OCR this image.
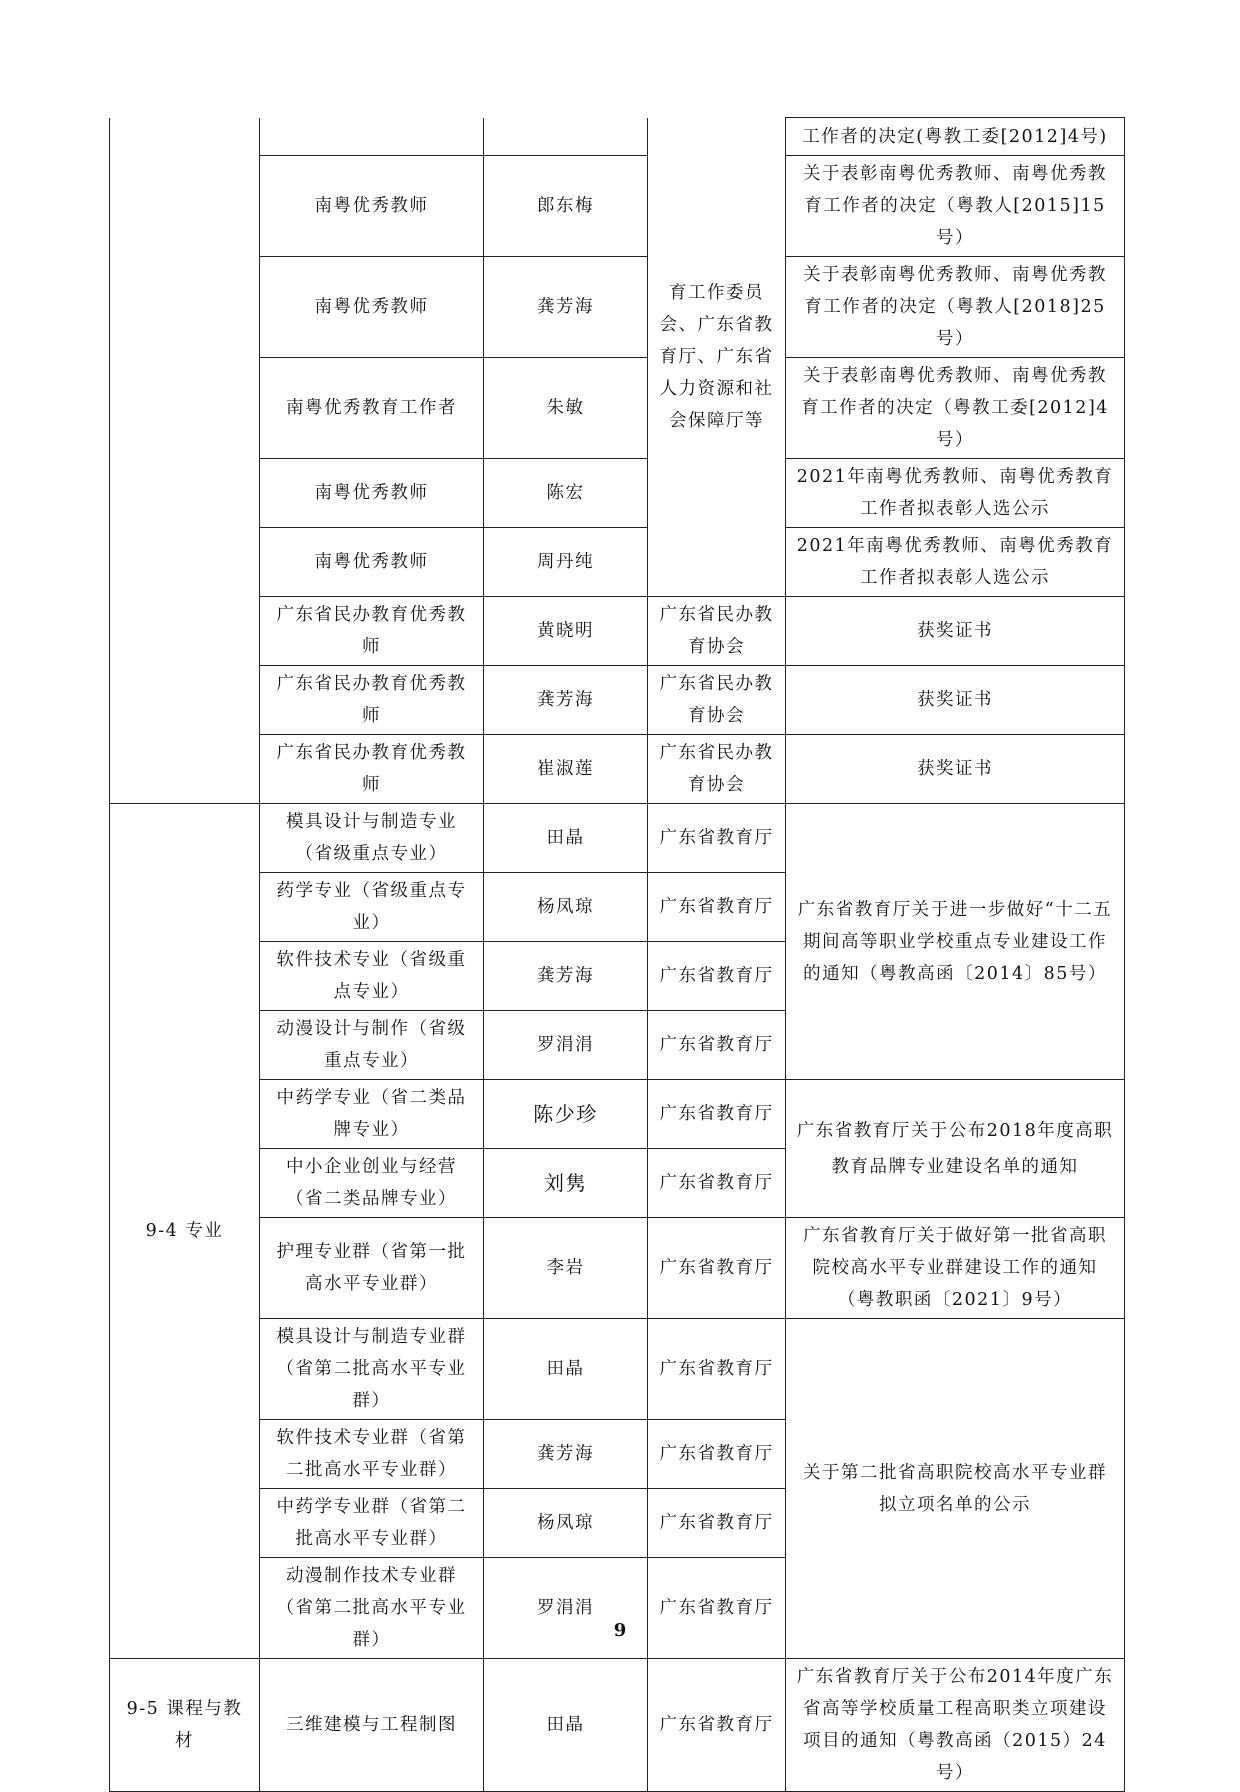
			育工作委员会、广东省教育厅、广东省人力资源和社会保障厅等	工作者的决定(粤教工委[2012]4号)
	南粤优秀教师	郎东梅		关于表彰南粤优秀教师、南粤优秀教育工作者的决定（粤教人[2015]15号）
	南粤优秀教师	龚芳海		关于表彰南粤优秀教师、南粤优秀教育工作者的决定（粤教人[2018]25号）
	南粤优秀教育工作者	朱敏		关于表彰南粤优秀教师、南粤优秀教育工作者的决定（粤教工委[2012]4号）
	南粤优秀教师	陈宏		2021年南粤优秀教师、南粤优秀教育工作者拟表彰人选公示
	南粤优秀教师	周丹纯		2021年南粤优秀教师、南粤优秀教育工作者拟表彰人选公示
	广东省民办教育优秀教师	黄晓明	广东省民办教育协会	获奖证书
	广东省民办教育优秀教师	龚芳海	广东省民办教育协会	获奖证书
	广东省民办教育优秀教师	崔淑莲	广东省民办教育协会	获奖证书
9-4 专业	模具设计与制造专业（省级重点专业）	田晶	广东省教育厅	广东省教育厅关于进一步做好“十二五期间高等职业学校重点专业建设工作的通知（粤教高函〔2014〕85号）
	药学专业（省级重点专业）	杨凤琼	广东省教育厅	
	软件技术专业（省级重点专业）	龚芳海	广东省教育厅	
	动漫设计与制作（省级重点专业）	罗涓涓	广东省教育厅	
	中药学专业（省二类品牌专业）	陈少珍	广东省教育厅	广东省教育厅关于公布2018年度高职教育品牌专业建设名单的通知
	中小企业创业与经营（省二类品牌专业）	刘隽	广东省教育厅	
	护理专业群（省第一批高水平专业群）	李岩	广东省教育厅	广东省教育厅关于做好第一批省高职院校高水平专业群建设工作的通知（粤教职函〔2021〕9号）
	模具设计与制造专业群（省第二批高水平专业群）	田晶	广东省教育厅	关于第二批省高职院校高水平专业群拟立项名单的公示
	软件技术专业群（省第二批高水平专业群）	龚芳海	广东省教育厅	
	中药学专业群（省第二批高水平专业群）	杨凤琼	广东省教育厅	
	动漫制作技术专业群（省第二批高水平专业群）	罗涓涓	广东省教育厅	
9-5 课程与教材	三维建模与工程制图	田晶	广东省教育厅	广东省教育厅关于公布2014年度广东省高等学校质量工程高职类立项建设项目的通知（粤教高函（2015）24号）
9
